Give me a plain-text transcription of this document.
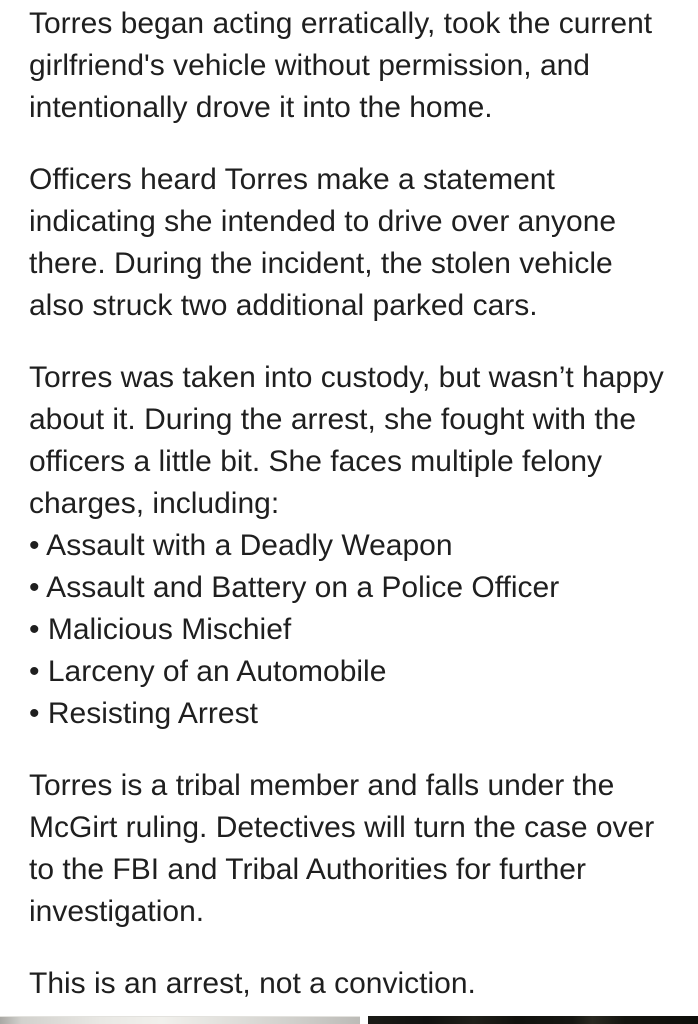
Torres began acting erratically, took the current girlfriend's vehicle without permission, and intentionally drove it into the home.

Officers heard Torres make a statement indicating she intended to drive over anyone there. During the incident, the stolen vehicle also struck two additional parked cars.

Torres was taken into custody, but wasn’t happy about it. During the arrest, she fought with the officers a little bit. She faces multiple felony charges, including:

• Assault with a Deadly Weapon
• Assault and Battery on a Police Officer
• Malicious Mischief
• Larceny of an Automobile
• Resisting Arrest

Torres is a tribal member and falls under the McGirt ruling. Detectives will turn the case over to the FBI and Tribal Authorities for further investigation.

This is an arrest, not a conviction.
